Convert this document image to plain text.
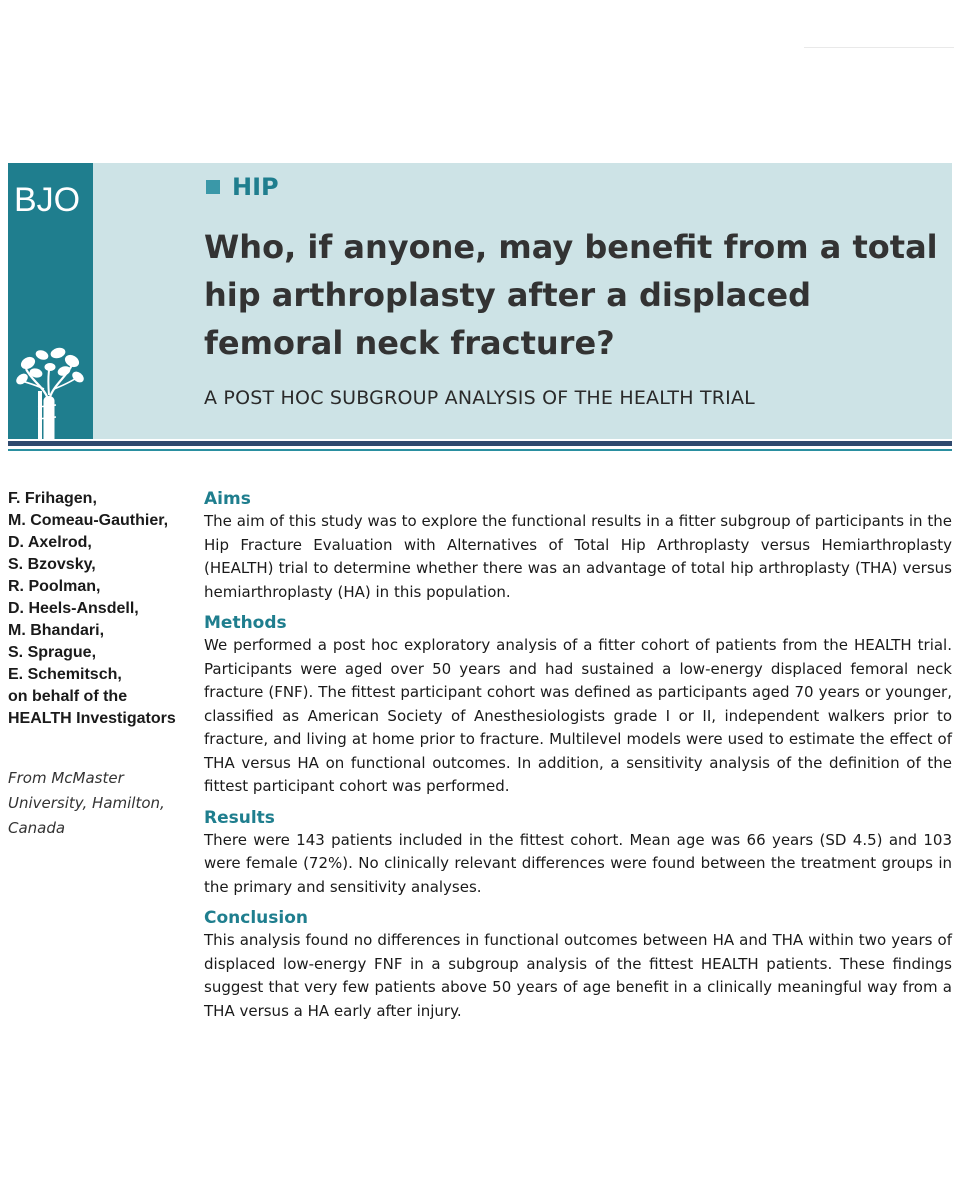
BJO	HIP
Who, if anyone, may benefit from a total hip arthroplasty after a displaced femoral neck fracture?
A POST HOC SUBGROUP ANALYSIS OF THE HEALTH TRIAL
F. Frihagen,
M. Comeau-Gauthier,
D. Axelrod,
S. Bzovsky,
R. Poolman,
D. Heels-Ansdell,
M. Bhandari,
S. Sprague,
E. Schemitsch,
on behalf of the
HEALTH Investigators
From McMaster University, Hamilton, Canada
Aims

The aim of this study was to explore the functional results in a fitter subgroup of participants in the Hip Fracture Evaluation with Alternatives of Total Hip Arthroplasty versus Hemiarthroplasty (HEALTH) trial to determine whether there was an advantage of total hip arthroplasty (THA) versus hemiarthroplasty (HA) in this population.

Methods

We performed a post hoc exploratory analysis of a fitter cohort of patients from the HEALTH trial. Participants were aged over 50 years and had sustained a low-energy displaced femoral neck fracture (FNF). The fittest participant cohort was defined as participants aged 70 years or younger, classified as American Society of Anesthesiologists grade I or II, independent walkers prior to fracture, and living at home prior to fracture. Multilevel models were used to estimate the effect of THA versus HA on functional outcomes. In addition, a sensitivity analysis of the definition of the fittest participant cohort was performed.

Results

There were 143 patients included in the fittest cohort. Mean age was 66 years (SD 4.5) and 103 were female (72%). No clinically relevant differences were found between the treatment groups in the primary and sensitivity analyses.

Conclusion

This analysis found no differences in functional outcomes between HA and THA within two years of displaced low-energy FNF in a subgroup analysis of the fittest HEALTH patients. These findings suggest that very few patients above 50 years of age benefit in a clinically meaningful way from a THA versus a HA early after injury.
